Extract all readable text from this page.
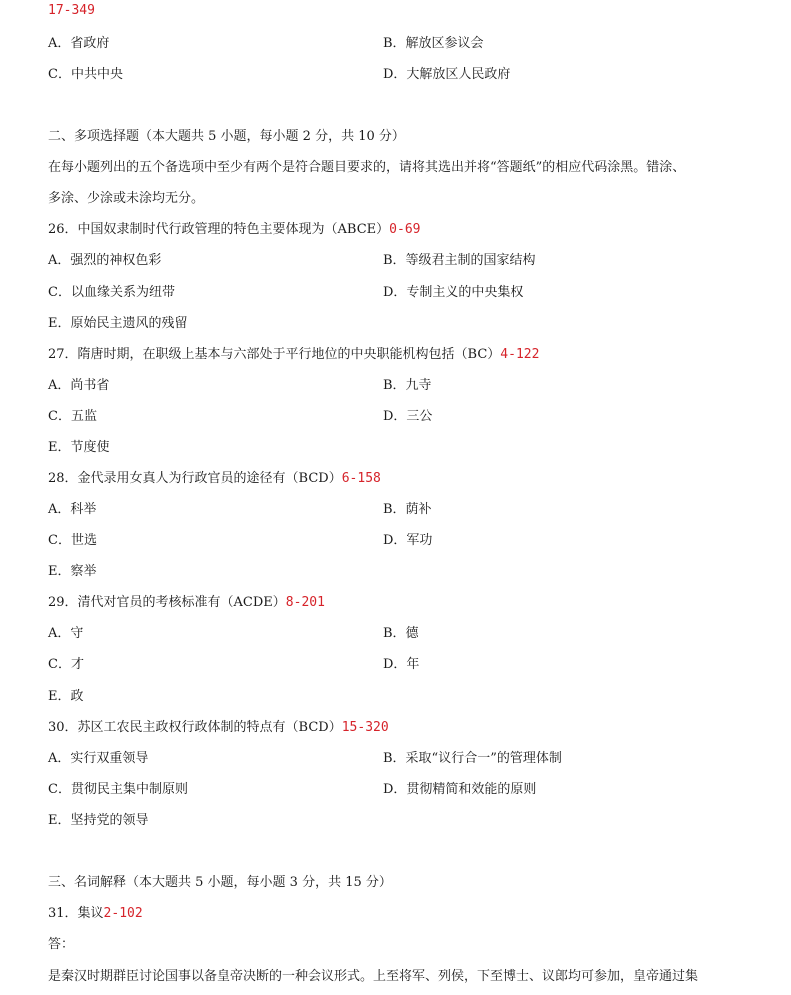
17-349
A．省政府	B．解放区参议会
C．中共中央	D．大解放区人民政府
二、多项选择题（本大题共 5 小题，每小题 2 分，共 10 分）
在每小题列出的五个备选项中至少有两个是符合题目要求的，请将其选出并将“答题纸”的相应代码涂黑。错涂、
多涂、少涂或未涂均无分。
26．中国奴隶制时代行政管理的特色主要体现为（ABCE）0-69
A．强烈的神权色彩	B．等级君主制的国家结构
C．以血缘关系为纽带	D．专制主义的中央集权
E．原始民主遗风的残留
27．隋唐时期，在职级上基本与六部处于平行地位的中央职能机构包括（BC）4-122
A．尚书省	B．九寺
C．五监	D．三公
E．节度使
28．金代录用女真人为行政官员的途径有（BCD）6-158
A．科举	B．荫补
C．世选	D．军功
E．察举
29．清代对官员的考核标准有（ACDE）8-201
A．守	B．德
C．才	D．年
E．政
30．苏区工农民主政权行政体制的特点有（BCD）15-320
A．实行双重领导	B．采取“议行合一”的管理体制
C．贯彻民主集中制原则	D．贯彻精简和效能的原则
E．坚持党的领导
三、名词解释（本大题共 5 小题，每小题 3 分，共 15 分）
31．集议2-102
答：
是秦汉时期群臣讨论国事以备皇帝决断的一种会议形式。上至将军、列侯，下至博士、议郎均可参加，皇帝通过集
